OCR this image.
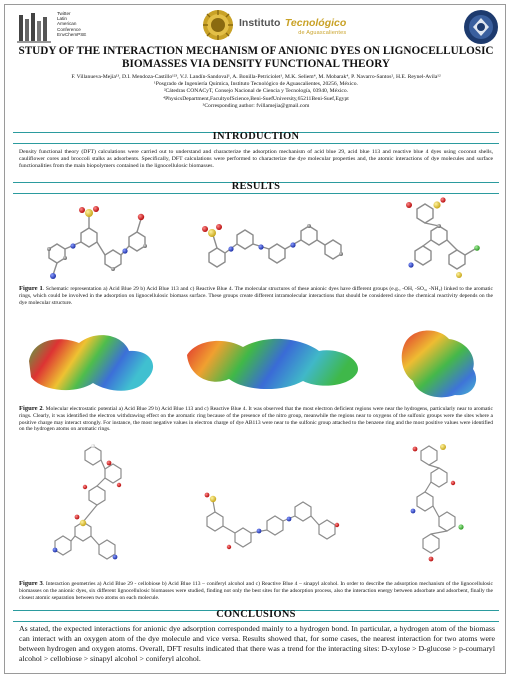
Twitter
Latin
American
Conference
EnvChemPSE
Instituto Tecnológico
de Aguascalientes
STUDY OF THE INTERACTION MECHANISM OF ANIONIC DYES ON LIGNOCELLULOSIC BIOMASSES VIA DENSITY FUNCTIONAL THEORY
F. Villanueva-Mejía¹³, D.I. Mendoza-Castillo¹²³, V.J. Landín-Sandoval¹, A. Bonilla-Petriciolet¹, M.K. Seliem⁴, M. Mobarak⁴, P. Navarro-Santos², H.E. Reynel-Avila¹²
¹Posgrado de Ingeniería Química, Instituto Tecnológico de Aguascalientes, 20256, México.
²Cátedras CONACyT, Consejo Nacional de Ciencia y Tecnología, 03940, México.
⁴PhysicsDepartment,FacultyofScience,Beni-SuefUniversity,65211Beni-Suef,Egypt
³Corresponding author: fvillamejia@gmail.com
INTRODUCTION
Density functional theory (DFT) calculations were carried out to understand and characterize the adsorption mechanism of acid blue 29, acid blue 113 and reactive blue 4 dyes using coconut shells, cauliflower cores and broccoli stalks as adsorbents. Specifically, DFT calculations were performed to characterize the dye molecular properties and, the atomic interactions of dye molecules and surface functionalities from the main biopolymers contained in the lignocellulosic biomasses.
RESULTS
Figure 1. Schematic representation a) Acid Blue 29 b) Acid Blue 113 and c) Reactive Blue 4. The molecular structures of these anionic dyes have different groups (e.g., -OH, -SO₃, -NH₂) linked to the aromatic rings, which could be involved in the adsorption on lignocellulosic biomass surface. These groups create different intramolecular interactions that should be considered since the chemical reactivity depends on the dye molecular structure.
Figure 2. Molecular electrostatic potential a) Acid Blue 29 b) Acid Blue 113 and c) Reactive Blue 4. It was observed that the most electron deficient regions were near the hydrogens, particularly near to aromatic rings. Clearly, it was identified the electron withdrawing effect on the aromatic ring because of the presence of the nitro group, meanwhile the regions near to oxygens of the sulfonic groups were the sites where a positive charge may interact strongly. For instance, the most negative values in electron charge of dye AB113 were near to the sulfonic group attached to the benzene ring and the most positive values were identified on the hydrogen atoms on aromatic rings.
Figure 3. Interaction geometries a) Acid Blue 29 - cellobiose b) Acid Blue 113 – coniferyl alcohol and c) Reactive Blue 4 – sinapyl alcohol. In order to describe the adsorption mechanism of the lignocellulosic biomasses on the anionic dyes, six different lignocellulosic biomasses were studied, finding not only the best sites for the adsorption process, also the interaction energy between adsorbate and adsorbent, finally the closest atomic separation between two atoms on each molecule.
CONCLUSIONS
As stated, the expected interactions for anionic dye adsorption corresponded mainly to a hydrogen bond. In particular, a hydrogen atom of the biomass can interact with an oxygen atom of the dye molecule and vice versa. Results showed that, for some cases, the nearest interaction for two atoms were between hydrogen and oxygen atoms. Overall, DFT results indicated that there was a trend for the interacting sites: D-xylose > D-glucose > p-coumaryl alcohol > cellobiose > sinapyl alcohol > coniferyl alcohol.
